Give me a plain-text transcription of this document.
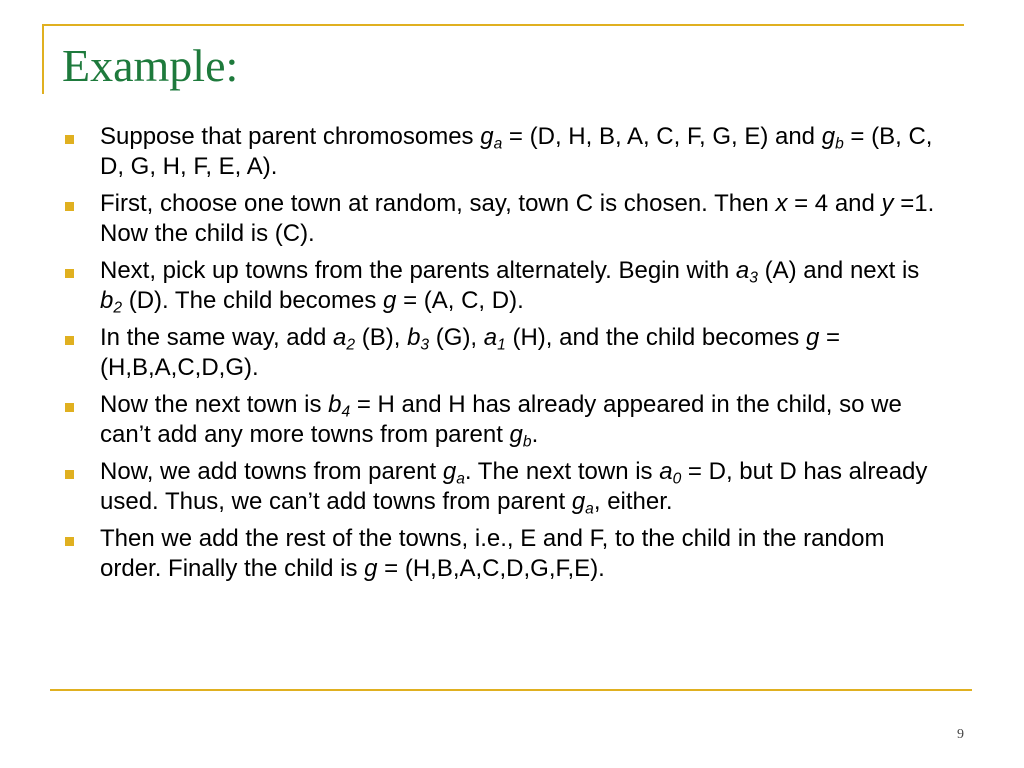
Example:
Suppose that parent chromosomes $g_a = (D$, H, B, A, C, F, G, E) and $g_b = (B$, C, D, G, H, F, E, A).
First, choose one town at random, say, town C is chosen. Then x = 4 and y =1. Now the child is (C).
Next, pick up towns from the parents alternately. Begin with $a_3$ (A) and next is $b_2$ (D). The child becomes g = (A, C, D).
In the same way, add $a_2$ (B), $b_3$ (G), $a_1$ (H), and the child becomes g = (H,B,A,C,D,G).
Now the next town is $b_4 = H$ and H has already appeared in the child, so we can’t add any more towns from parent $g_b$.
Now, we add towns from parent $g_a$. The next town is $a_0 = D$, but D has already used. Thus, we can’t add towns from parent $g_a$, either.
Then we add the rest of the towns, i.e., E and F, to the child in the random order. Finally the child is g = (H,B,A,C,D,G,F,E).
9
